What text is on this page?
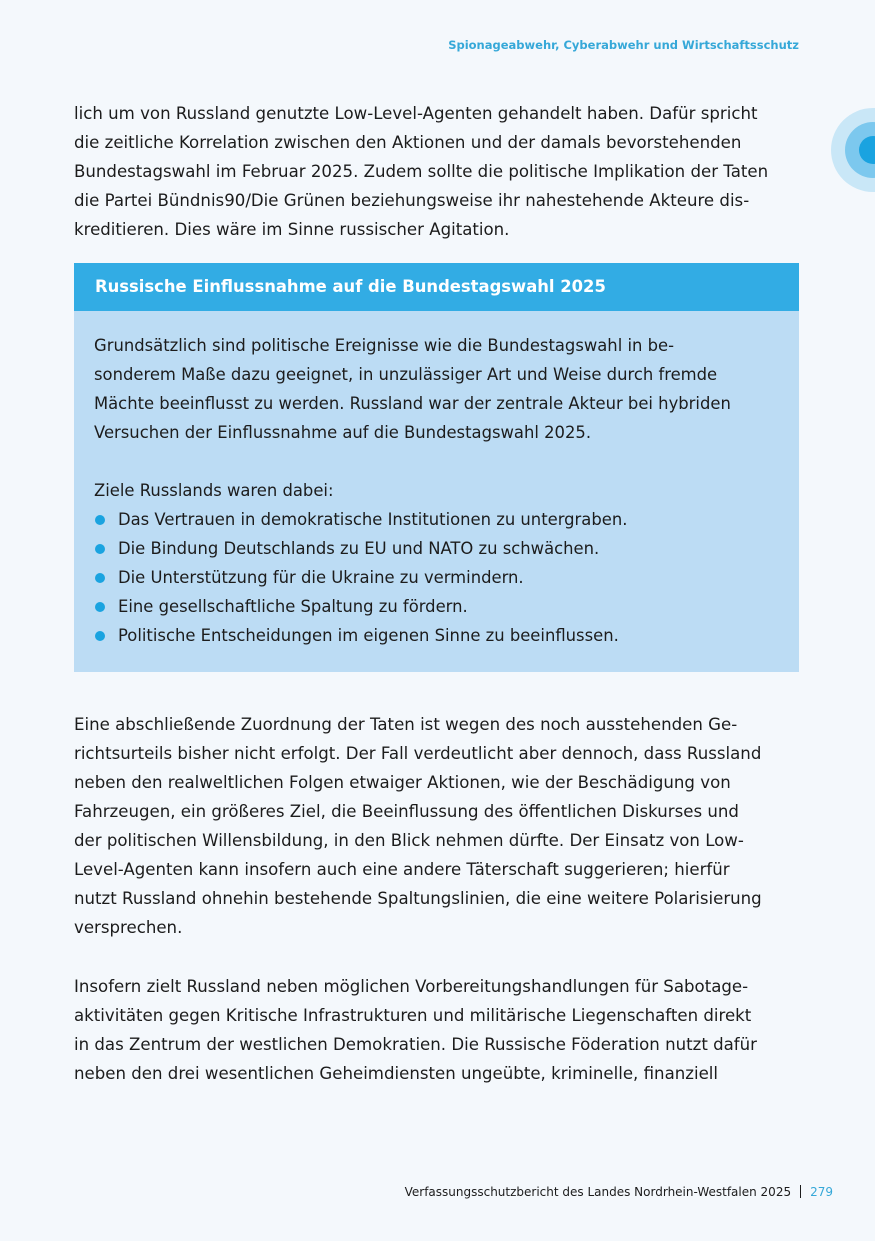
Spionageabwehr, Cyberabwehr und Wirtschaftsschutz
lich um von Russland genutzte Low-Level-Agenten gehandelt haben. Dafür spricht
die zeitliche Korrelation zwischen den Aktionen und der damals bevorstehenden
Bundestagswahl im Februar 2025. Zudem sollte die politische Implikation der Taten
die Partei Bündnis90/Die Grünen beziehungsweise ihr nahestehende Akteure dis-
kreditieren. Dies wäre im Sinne russischer Agitation.
Russische Einflussnahme auf die Bundestagswahl 2025
Grundsätzlich sind politische Ereignisse wie die Bundestagswahl in be-
sonderem Maße dazu geeignet, in unzulässiger Art und Weise durch fremde
Mächte beeinflusst zu werden. Russland war der zentrale Akteur bei hybriden
Versuchen der Einflussnahme auf die Bundestagswahl 2025.
Ziele Russlands waren dabei:
Das Vertrauen in demokratische Institutionen zu untergraben.
Die Bindung Deutschlands zu EU und NATO zu schwächen.
Die Unterstützung für die Ukraine zu vermindern.
Eine gesellschaftliche Spaltung zu fördern.
Politische Entscheidungen im eigenen Sinne zu beeinflussen.
Eine abschließende Zuordnung der Taten ist wegen des noch ausstehenden Ge-
richtsurteils bisher nicht erfolgt. Der Fall verdeutlicht aber dennoch, dass Russland
neben den realweltlichen Folgen etwaiger Aktionen, wie der Beschädigung von
Fahrzeugen, ein größeres Ziel, die Beeinflussung des öffentlichen Diskurses und
der politischen Willensbildung, in den Blick nehmen dürfte. Der Einsatz von Low-
Level-Agenten kann insofern auch eine andere Täterschaft suggerieren; hierfür
nutzt Russland ohnehin bestehende Spaltungslinien, die eine weitere Polarisierung
versprechen.
Insofern zielt Russland neben möglichen Vorbereitungshandlungen für Sabotage-
aktivitäten gegen Kritische Infrastrukturen und militärische Liegenschaften direkt
in das Zentrum der westlichen Demokratien. Die Russische Föderation nutzt dafür
neben den drei wesentlichen Geheimdiensten ungeübte, kriminelle, finanziell
Verfassungsschutzbericht des Landes Nordrhein-Westfalen 2025 279
